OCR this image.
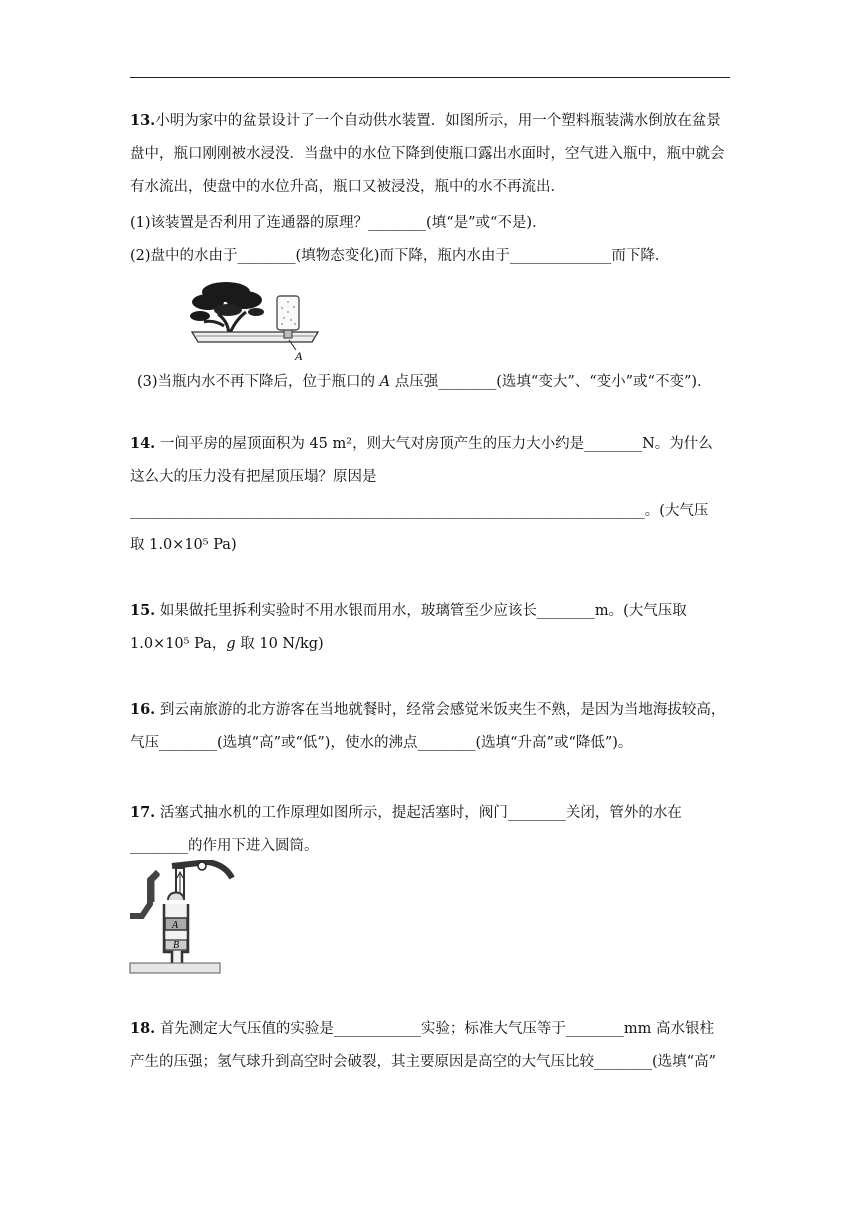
13.小明为家中的盆景设计了一个自动供水装置．如图所示，用一个塑料瓶装满水倒放在盆景盘中，瓶口刚刚被水浸没．当盘中的水位下降到使瓶口露出水面时，空气进入瓶中，瓶中就会有水流出，使盘中的水位升高，瓶口又被浸没，瓶中的水不再流出．
(1)该装置是否利用了连通器的原理？________(填“是”或“不是)．
(2)盘中的水由于________(填物态变化)而下降，瓶内水由于______________而下降．
A
(3)当瓶内水不再下降后，位于瓶口的 A 点压强________(选填“变大”、“变小”或“不变”)．
14. 一间平房的屋顶面积为 45 m²，则大气对房顶产生的压力大小约是________N。为什么
这么大的压力没有把屋顶压塌？原因是
_______________________________________________________________________。(大气压
取 1.0×10⁵ Pa)
15. 如果做托里拆利实验时不用水银而用水，玻璃管至少应该长________m。(大气压取
1.0×10⁵ Pa，g 取 10 N/kg)
16. 到云南旅游的北方游客在当地就餐时，经常会感觉米饭夹生不熟，是因为当地海拔较高，
气压________(选填“高”或“低”)，使水的沸点________(选填“升高”或“降低”)。
17. 活塞式抽水机的工作原理如图所示，提起活塞时，阀门________关闭，管外的水在
________的作用下进入圆筒。
A
B
18. 首先测定大气压值的实验是____________实验；标准大气压等于________mm 高水银柱
产生的压强；氢气球升到高空时会破裂，其主要原因是高空的大气压比较________(选填“高”
